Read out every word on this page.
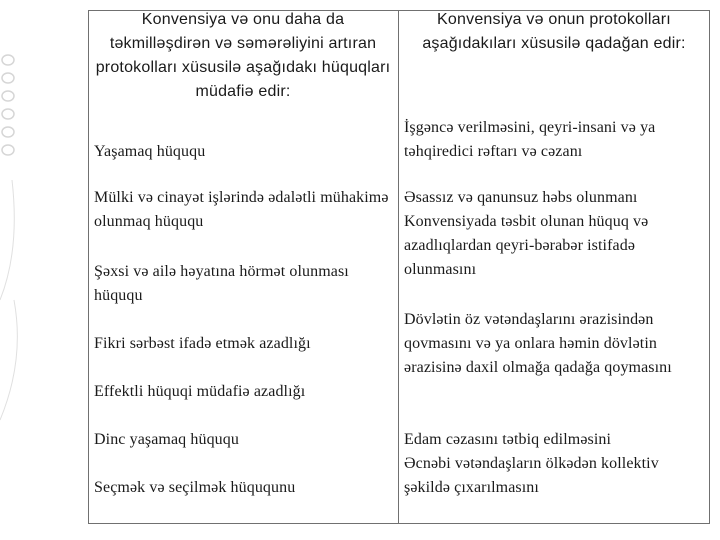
Konvensiya və onu daha da təkmilləşdirən və səmərəliyini artıran protokolları xüsusilə aşağıdakı hüquqları müdafiə edir:
Konvensiya və onun protokolları aşağıdakıları xüsusilə qadağan edir:
Yaşamaq hüququ
Mülki və cinayət işlərində ədalətli mühakimə olunmaq hüququ
Şəxsi və ailə həyatına hörmət olunması hüququ
Fikri sərbəst ifadə etmək azadlığı
Effektli hüquqi müdafiə azadlığı
Dinc yaşamaq hüququ
Seçmək və seçilmək hüququnu
İşgəncə verilməsini, qeyri-insani və ya təhqiredici rəftarı və cəzanı
Əsassız və qanunsuz həbs olunmanı Konvensiyada təsbit olunan hüquq və azadlıqlardan qeyri-bərabər istifadə olunmasını
Dövlətin öz vətəndaşlarını ərazisindən qovmasını və ya onlara həmin dövlətin ərazisinə daxil olmağa qadağa qoymasını
Edam cəzasını tətbiq edilməsini
Əcnəbi vətəndaşların ölkədən kollektiv şəkildə çıxarılmasını
